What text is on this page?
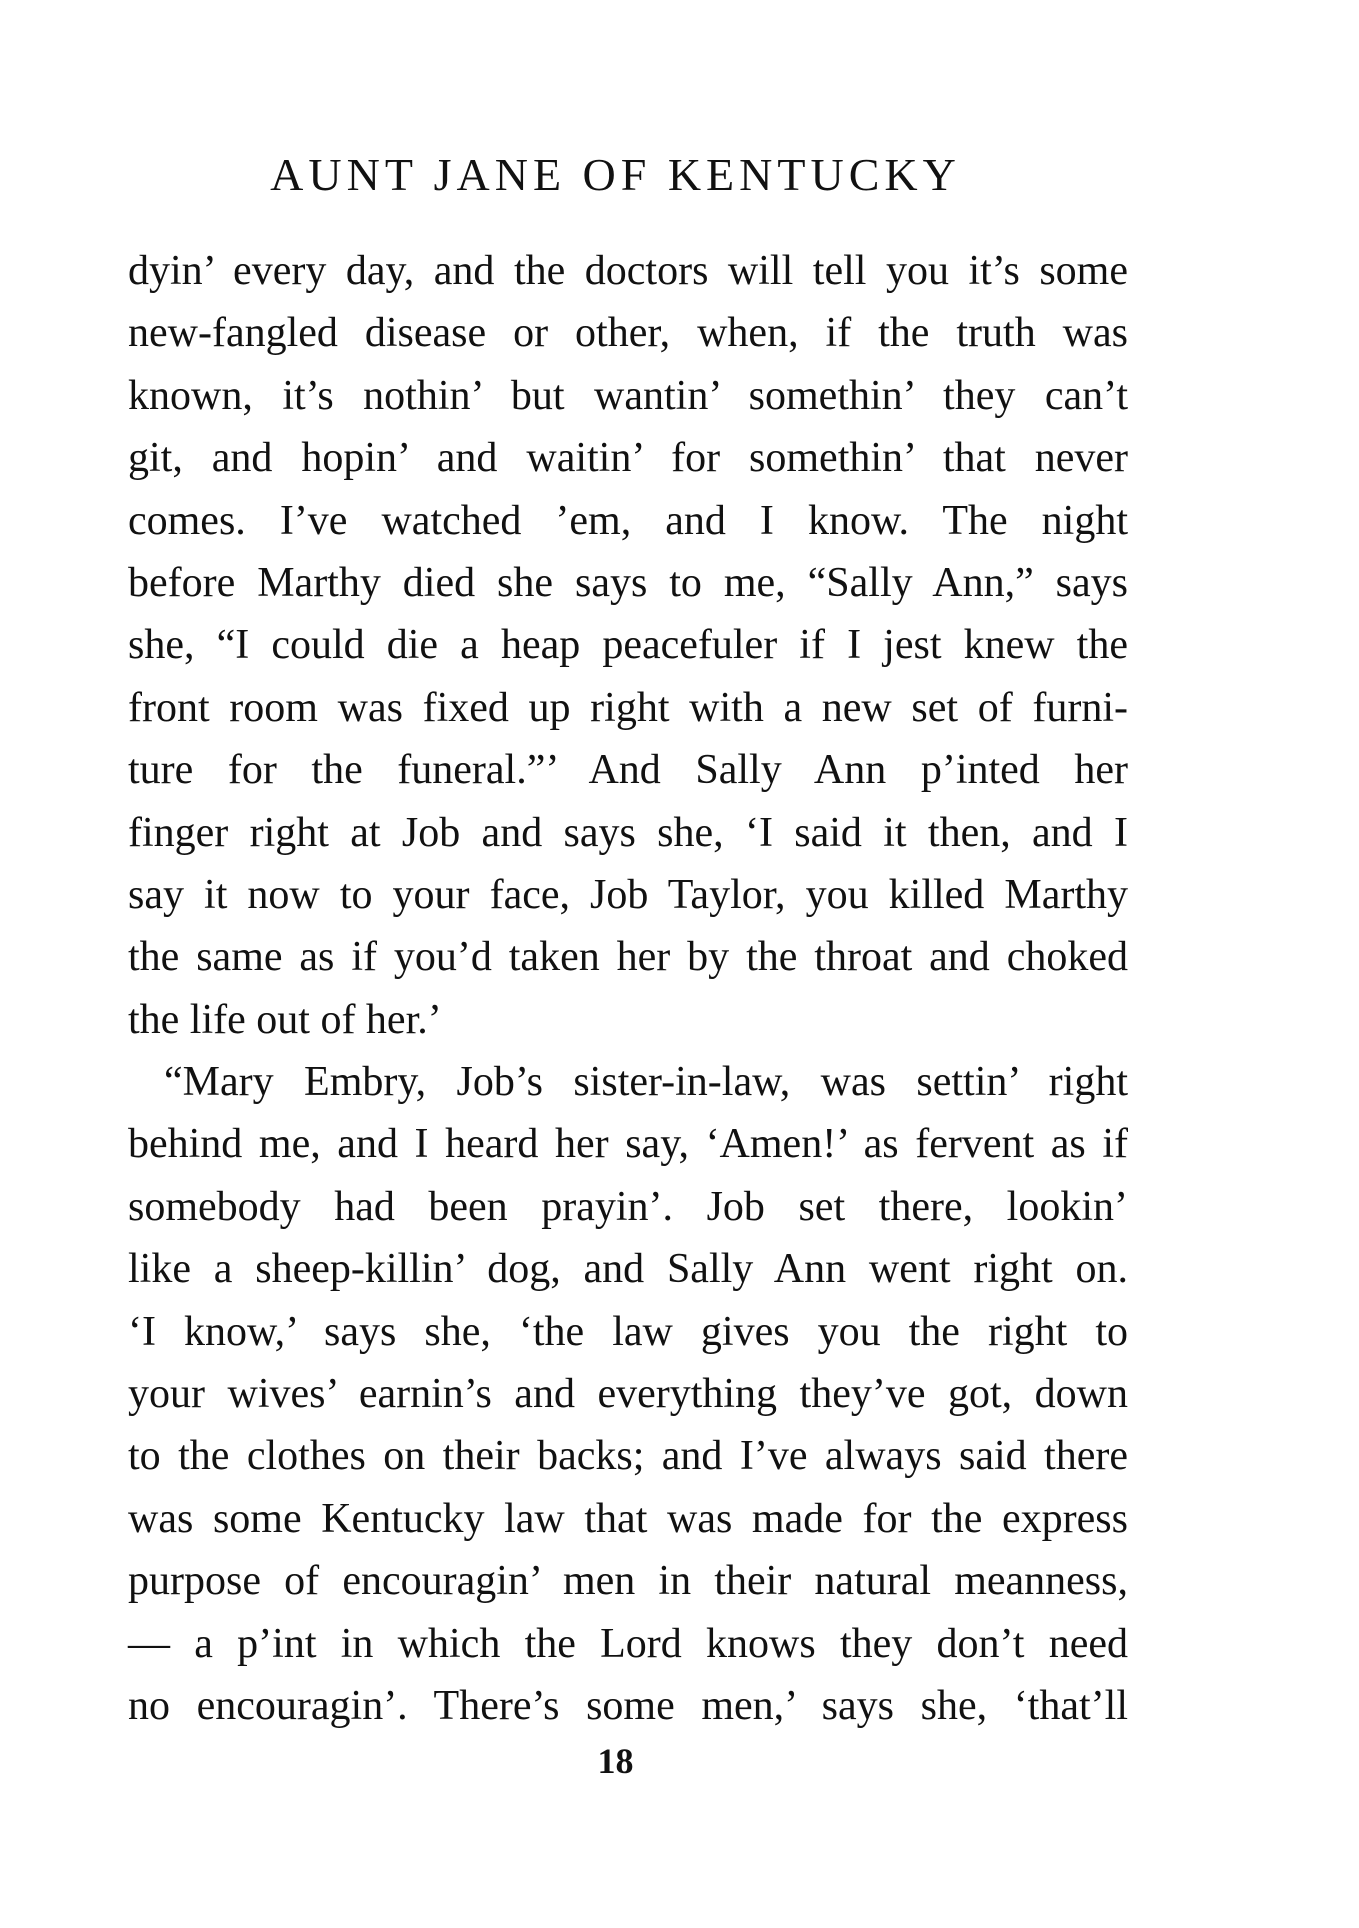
AUNT JANE OF KENTUCKY
dyin’ every day, and the doctors will tell you it’s some
new-fangled disease or other, when, if the truth was
known, it’s nothin’ but wantin’ somethin’ they can’t
git, and hopin’ and waitin’ for somethin’ that never
comes. I’ve watched ’em, and I know. The night
before Marthy died she says to me, “Sally Ann,” says
she, “I could die a heap peacefuler if I jest knew the
front room was fixed up right with a new set of furni-
ture for the funeral.”’ And Sally Ann p’inted her
finger right at Job and says she, ‘I said it then, and I
say it now to your face, Job Taylor, you killed Marthy
the same as if you’d taken her by the throat and choked
the life out of her.’
“Mary Embry, Job’s sister-in-law, was settin’ right
behind me, and I heard her say, ‘Amen!’ as fervent as if
somebody had been prayin’. Job set there, lookin’
like a sheep-killin’ dog, and Sally Ann went right on.
‘I know,’ says she, ‘the law gives you the right to
your wives’ earnin’s and everything they’ve got, down
to the clothes on their backs; and I’ve always said there
was some Kentucky law that was made for the express
purpose of encouragin’ men in their natural meanness,
— a p’int in which the Lord knows they don’t need
no encouragin’. There’s some men,’ says she, ‘that’ll
18
